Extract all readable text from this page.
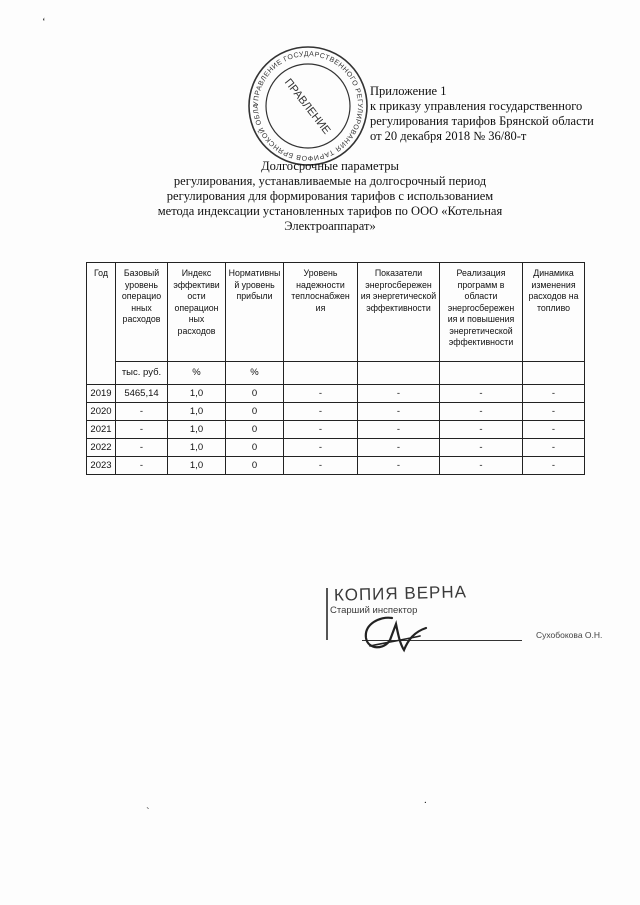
ʻ
УПРАВЛЕНИЕ ГОСУДАРСТВЕННОГО РЕГУЛИРОВАНИЯ ТАРИФОВ БРЯНСКОЙ ОБЛА	ПРАВЛЕНИЕ	Приложение 1
к приказу управления государственного
регулирования тарифов Брянской области
от 20 декабря 2018 № 36/80-т
Долгосрочные параметры
регулирования, устанавливаемые на долгосрочный период
регулирования для формирования тарифов с использованием
метода индексации установленных тарифов по ООО «Котельная
Электроаппарат»
Год	Базовый уровень операцио нных расходов	Индекс эффективи ости операцион ных расходов	Нормативны й уровень прибыли	Уровень надежности теплоснабжен ия	Показатели энергосбережен ия энергетической эффективности	Реализация программ в области энергосбережен ия и повышения энергетической эффективности	Динамика изменения расходов на топливо
	тыс. руб.	%	%				
2019	5465,14	1,0	0	-	-	-	-
2020	-	1,0	0	-	-	-	-
2021	-	1,0	0	-	-	-	-
2022	-	1,0	0	-	-	-	-
2023	-	1,0	0	-	-	-	-
КОПИЯ ВЕРНА
Старший инспектор
Сухобокова О.Н.
`
.
